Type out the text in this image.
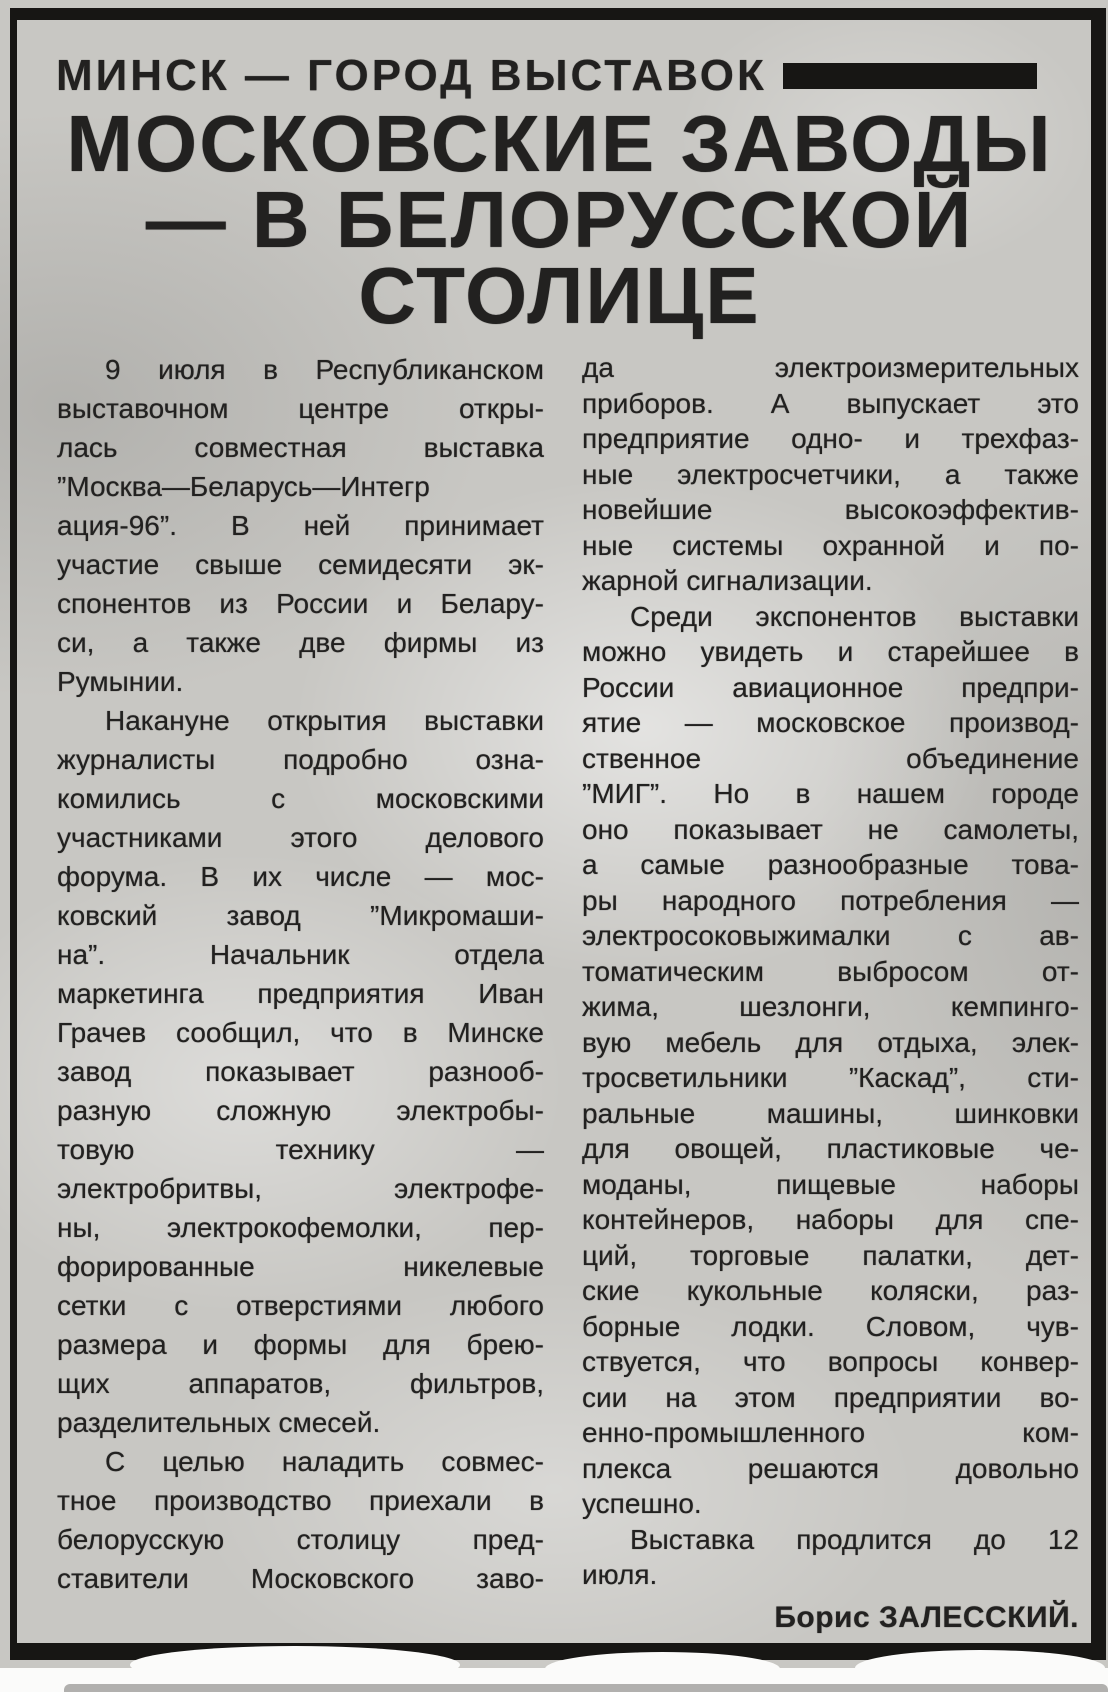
МИНСК — ГОРОД ВЫСТАВОК
МОСКОВСКИЕ ЗАВОДЫ
— В БЕЛОРУССКОЙ
СТОЛИЦЕ
9 июля в Республиканском
выставочном центре откры-
лась совместная выставка
”Москва—Беларусь—Интегр
ация-96”. В ней принимает
участие свыше семидесяти эк-
спонентов из России и Белару-
си, а также две фирмы из
Румынии.
Накануне открытия выставки
журналисты подробно озна-
комились с московскими
участниками этого делового
форума. В их числе — мос-
ковский завод ”Микромаши-
на”. Начальник отдела
маркетинга предприятия Иван
Грачев сообщил, что в Минске
завод показывает разнооб-
разную сложную электробы-
товую технику —
электробритвы, электрофе-
ны, электрокофемолки, пер-
форированные никелевые
сетки с отверстиями любого
размера и формы для брею-
щих аппаратов, фильтров,
разделительных смесей.
С целью наладить совмес-
тное производство приехали в
белорусскую столицу пред-
ставители Московского заво-
да электроизмерительных
приборов. А выпускает это
предприятие одно- и трехфаз-
ные электросчетчики, а также
новейшие высокоэффектив-
ные системы охранной и по-
жарной сигнализации.
Среди экспонентов выставки
можно увидеть и старейшее в
России авиационное предпри-
ятие — московское производ-
ственное объединение
”МИГ”. Но в нашем городе
оно показывает не самолеты,
а самые разнообразные това-
ры народного потребления —
электросоковыжималки с ав-
томатическим выбросом от-
жима, шезлонги, кемпинго-
вую мебель для отдыха, элек-
тросветильники ”Каскад”, сти-
ральные машины, шинковки
для овощей, пластиковые че-
моданы, пищевые наборы
контейнеров, наборы для спе-
ций, торговые палатки, дет-
ские кукольные коляски, раз-
борные лодки. Словом, чув-
ствуется, что вопросы конвер-
сии на этом предприятии во-
енно-промышленного ком-
плекса решаются довольно
успешно.
Выставка продлится до 12
июля.
Борис ЗАЛЕССКИЙ.
